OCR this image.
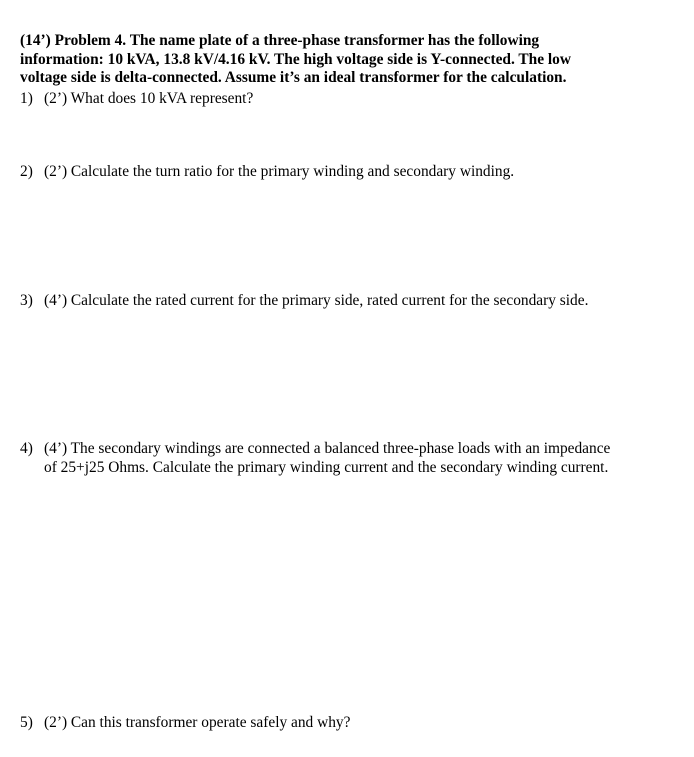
(14’) Problem 4. The name plate of a three-phase transformer has the following
information: 10 kVA, 13.8 kV/4.16 kV. The high voltage side is Y-connected. The low
voltage side is delta-connected. Assume it’s an ideal transformer for the calculation.
1) (2’) What does 10 kVA represent?
2) (2’) Calculate the turn ratio for the primary winding and secondary winding.
3) (4’) Calculate the rated current for the primary side, rated current for the secondary side.
4) (4’) The secondary windings are connected a balanced three-phase loads with an impedance
of 25+j25 Ohms. Calculate the primary winding current and the secondary winding current.
5) (2’) Can this transformer operate safely and why?
